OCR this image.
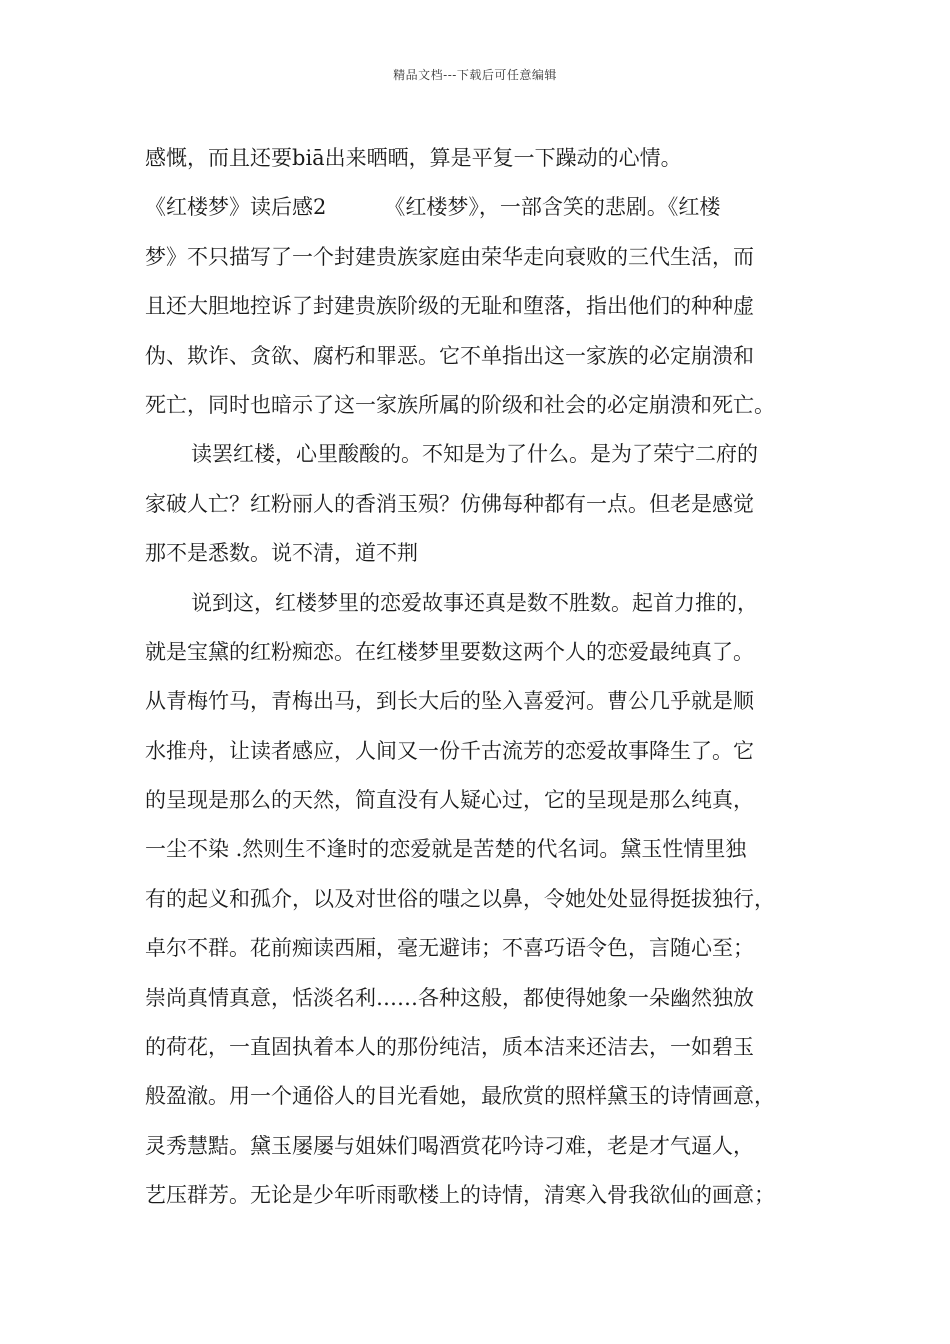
精品文档---下载后可任意编辑
感慨，而且还要biā出来晒晒，算是平复一下躁动的心情。
《红楼梦》读后感2	《红楼梦》，一部含笑的悲剧。《红楼
梦》不只描写了一个封建贵族家庭由荣华走向衰败的三代生活，而
且还大胆地控诉了封建贵族阶级的无耻和堕落，指出他们的种种虚
伪、欺诈、贪欲、腐朽和罪恶。它不单指出这一家族的必定崩溃和
死亡，同时也暗示了这一家族所属的阶级和社会的必定崩溃和死亡。
读罢红楼，心里酸酸的。不知是为了什么。是为了荣宁二府的
家破人亡？红粉丽人的香消玉殒？仿佛每种都有一点。但老是感觉
那不是悉数。说不清，道不荆
说到这，红楼梦里的恋爱故事还真是数不胜数。起首力推的，
就是宝黛的红粉痴恋。在红楼梦里要数这两个人的恋爱最纯真了。
从青梅竹马，青梅出马，到长大后的坠入喜爱河。曹公几乎就是顺
水推舟，让读者感应，人间又一份千古流芳的恋爱故事降生了。它
的呈现是那么的天然，简直没有人疑心过，它的呈现是那么纯真，
一尘不染 .然则生不逢时的恋爱就是苦楚的代名词。黛玉性情里独
有的起义和孤介，以及对世俗的嗤之以鼻，令她处处显得挺拔独行，
卓尔不群。花前痴读西厢，毫无避讳；不喜巧语令色，言随心至；
崇尚真情真意，恬淡名利……各种这般，都使得她象一朵幽然独放
的荷花，一直固执着本人的那份纯洁，质本洁来还洁去，一如碧玉
般盈澈。用一个通俗人的目光看她，最欣赏的照样黛玉的诗情画意，
灵秀慧黠。黛玉屡屡与姐妹们喝酒赏花吟诗刁难，老是才气逼人，
艺压群芳。无论是少年听雨歌楼上的诗情，清寒入骨我欲仙的画意；
